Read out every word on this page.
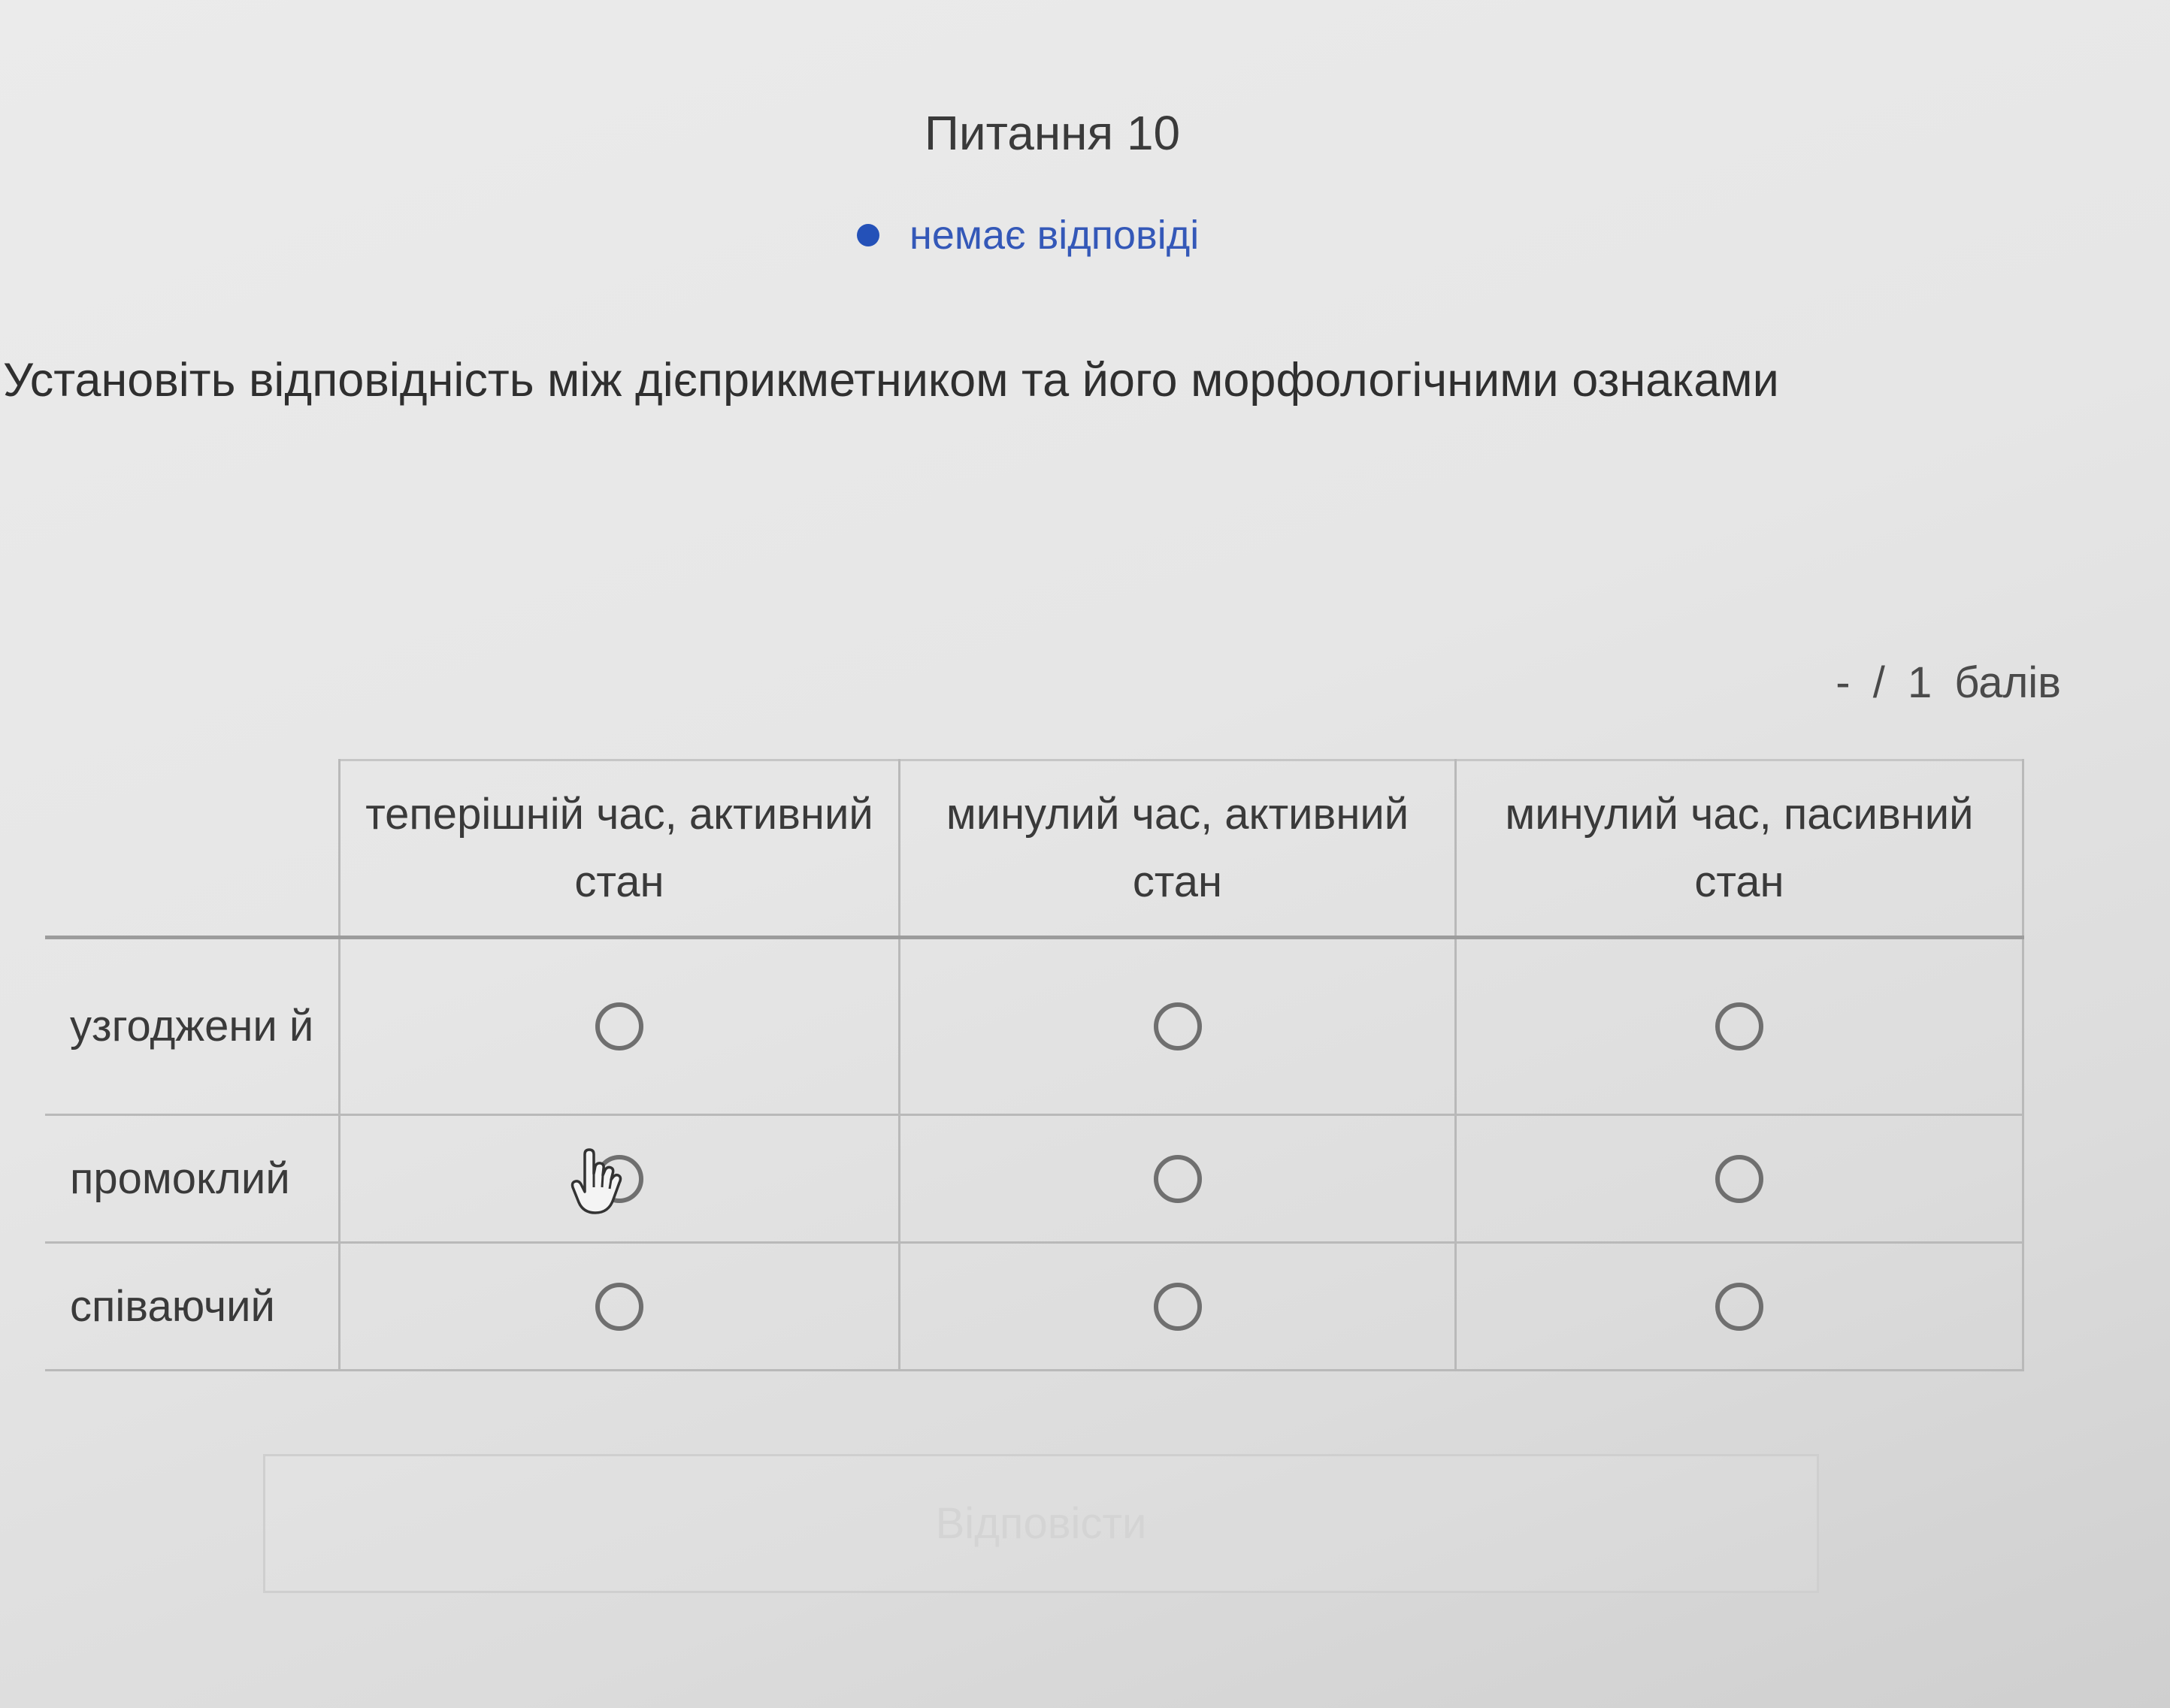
Питання 10
немає відповіді
Установіть відповідність між дієприкметником та його морфологічними ознаками
- / 1 балів
	теперішній час, активний стан	минулий час, активний стан	минулий час, пасивний стан
узгоджени й			
промоклий			
співаючий			
Відповісти
